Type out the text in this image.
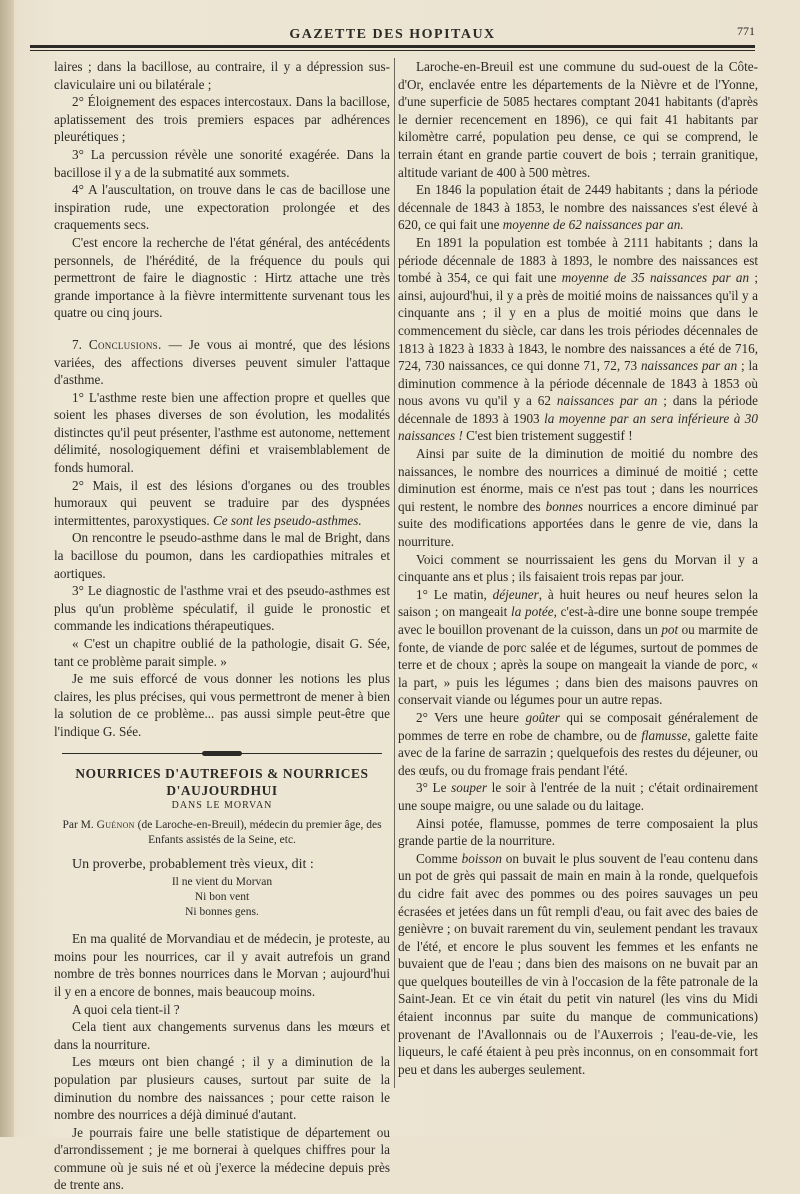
GAZETTE DES HOPITAUX	771

laires ; dans la bacillose, au contraire, il y a dépression sus-claviculaire uni ou bilatérale ;

2° Éloignement des espaces intercostaux. Dans la bacillose, aplatissement des trois premiers espaces par adhérences pleurétiques ;

3° La percussion révèle une sonorité exagérée. Dans la bacillose il y a de la submatité aux sommets.

4° A l'auscultation, on trouve dans le cas de bacillose une inspiration rude, une expectoration prolongée et des craquements secs.

C'est encore la recherche de l'état général, des antécédents personnels, de l'hérédité, de la fréquence du pouls qui permettront de faire le diagnostic : Hirtz attache une très grande importance à la fièvre intermittente survenant tous les quatre ou cinq jours.

7. Conclusions. — Je vous ai montré, que des lésions variées, des affections diverses peuvent simuler l'attaque d'asthme.

1° L'asthme reste bien une affection propre et quelles que soient les phases diverses de son évolution, les modalités distinctes qu'il peut présenter, l'asthme est autonome, nettement délimité, nosologiquement défini et vraisemblablement de fonds humoral.

2° Mais, il est des lésions d'organes ou des troubles humoraux qui peuvent se traduire par des dyspnées intermittentes, paroxystiques. Ce sont les pseudo-asthmes.

On rencontre le pseudo-asthme dans le mal de Bright, dans la bacillose du poumon, dans les cardiopathies mitrales et aortiques.

3° Le diagnostic de l'asthme vrai et des pseudo-asthmes est plus qu'un problème spéculatif, il guide le pronostic et commande les indications thérapeutiques.

« C'est un chapitre oublié de la pathologie, disait G. Sée, tant ce problème parait simple. »

Je me suis efforcé de vous donner les notions les plus claires, les plus précises, qui vous permettront de mener à bien la solution de ce problème... pas aussi simple peut-être que l'indique G. Sée.

NOURRICES D'AUTREFOIS & NOURRICES D'AUJOURDHUI
DANS LE MORVAN
Par M. Guénon (de Laroche-en-Breuil), médecin du premier âge, des Enfants assistés de la Seine, etc.

Un proverbe, probablement très vieux, dit :

Il ne vient du Morvan
Ni bon vent
Ni bonnes gens.

En ma qualité de Morvandiau et de médecin, je proteste, au moins pour les nourrices, car il y avait autrefois un grand nombre de très bonnes nourrices dans le Morvan ; aujourd'hui il y en a encore de bonnes, mais beaucoup moins.

A quoi cela tient-il ?

Cela tient aux changements survenus dans les mœurs et dans la nourriture.

Les mœurs ont bien changé ; il y a diminution de la population par plusieurs causes, surtout par suite de la diminution du nombre des naissances ; pour cette raison le nombre des nourrices a déjà diminué d'autant.

Je pourrais faire une belle statistique de département ou d'arrondissement ; je me bornerai à quelques chiffres pour la commune où je suis né et où j'exerce la médecine depuis près de trente ans.

Laroche-en-Breuil est une commune du sud-ouest de la Côte-d'Or, enclavée entre les départements de la Nièvre et de l'Yonne, d'une superficie de 5085 hectares comptant 2041 habitants (d'après le dernier recencement en 1896), ce qui fait 41 habitants par kilomètre carré, population peu dense, ce qui se comprend, le terrain étant en grande partie couvert de bois ; terrain granitique, altitude variant de 400 à 500 mètres.

En 1846 la population était de 2449 habitants ; dans la période décennale de 1843 à 1853, le nombre des naissances s'est élevé à 620, ce qui fait une moyenne de 62 naissances par an.

En 1891 la population est tombée à 2111 habitants ; dans la période décennale de 1883 à 1893, le nombre des naissances est tombé à 354, ce qui fait une moyenne de 35 naissances par an ; ainsi, aujourd'hui, il y a près de moitié moins de naissances qu'il y a cinquante ans ; il y en a plus de moitié moins que dans le commencement du siècle, car dans les trois périodes décennales de 1813 à 1823 à 1833 à 1843, le nombre des naissances a été de 716, 724, 730 naissances, ce qui donne 71, 72, 73 naissances par an ; la diminution commence à la période décennale de 1843 à 1853 où nous avons vu qu'il y a 62 naissances par an ; dans la période décennale de 1893 à 1903 la moyenne par an sera inférieure à 30 naissances ! C'est bien tristement suggestif !

Ainsi par suite de la diminution de moitié du nombre des naissances, le nombre des nourrices a diminué de moitié ; cette diminution est énorme, mais ce n'est pas tout ; dans les nourrices qui restent, le nombre des bonnes nourrices a encore diminué par suite des modifications apportées dans le genre de vie, dans la nourriture.

Voici comment se nourrissaient les gens du Morvan il y a cinquante ans et plus ; ils faisaient trois repas par jour.

1° Le matin, déjeuner, à huit heures ou neuf heures selon la saison ; on mangeait la potée, c'est-à-dire une bonne soupe trempée avec le bouillon provenant de la cuisson, dans un pot ou marmite de fonte, de viande de porc salée et de légumes, surtout de pommes de terre et de choux ; après la soupe on mangeait la viande de porc, « la part, » puis les légumes ; dans bien des maisons pauvres on conservait viande ou légumes pour un autre repas.

2° Vers une heure goûter qui se composait généralement de pommes de terre en robe de chambre, ou de flamusse, galette faite avec de la farine de sarrazin ; quelquefois des restes du déjeuner, ou des œufs, ou du fromage frais pendant l'été.

3° Le souper le soir à l'entrée de la nuit ; c'était ordinairement une soupe maigre, ou une salade ou du laitage.

Ainsi potée, flamusse, pommes de terre composaient la plus grande partie de la nourriture.

Comme boisson on buvait le plus souvent de l'eau contenu dans un pot de grès qui passait de main en main à la ronde, quelquefois du cidre fait avec des pommes ou des poires sauvages un peu écrasées et jetées dans un fût rempli d'eau, ou fait avec des baies de genièvre ; on buvait rarement du vin, seulement pendant les travaux de l'été, et encore le plus souvent les femmes et les enfants ne buvaient que de l'eau ; dans bien des maisons on ne buvait par an que quelques bouteilles de vin à l'occasion de la fête patronale de la Saint-Jean. Et ce vin était du petit vin naturel (les vins du Midi étaient inconnus par suite du manque de communications) provenant de l'Avallonnais ou de l'Auxerrois ; l'eau-de-vie, les liqueurs, le café étaient à peu près inconnus, on en consommait fort peu et dans les auberges seulement.
